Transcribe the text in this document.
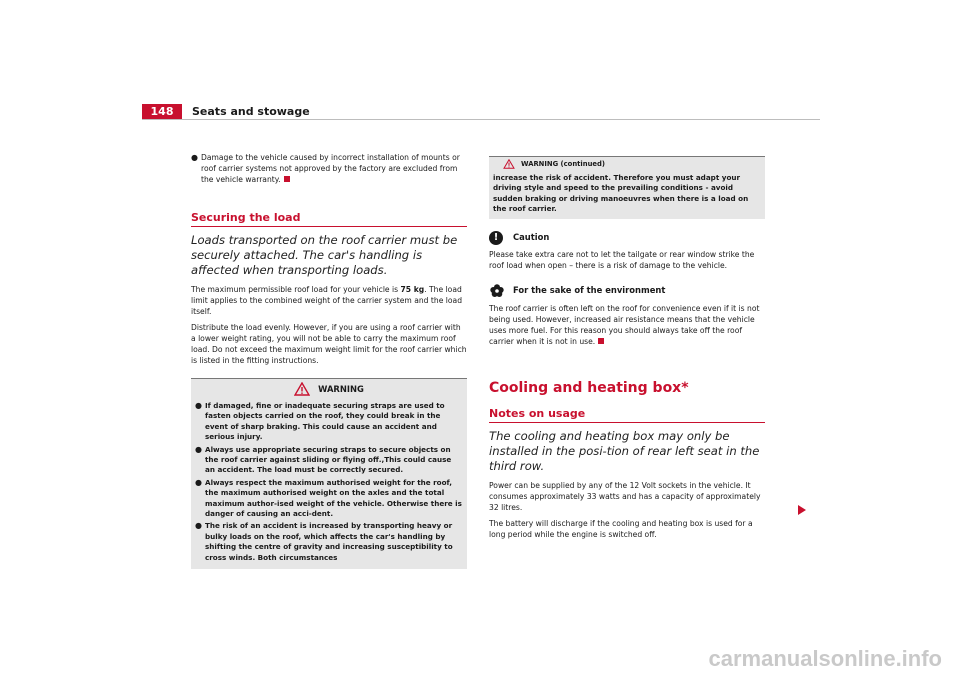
148	Seats and stowage
● Damage to the vehicle caused by incorrect installation of mounts or roof carrier systems not approved by the factory are excluded from the vehicle warranty.
Securing the load
Loads transported on the roof carrier must be securely attached. The car's handling is affected when transporting loads.

The maximum permissible roof load for your vehicle is 75 kg. The load limit applies to the combined weight of the carrier system and the load itself.

Distribute the load evenly. However, if you are using a roof carrier with a lower weight rating, you will not be able to carry the maximum roof load. Do not exceed the maximum weight limit for the roof carrier which is listed in the fitting instructions.

WARNING
● If damaged, fine or inadequate securing straps are used to fasten objects carried on the roof, they could break in the event of sharp braking. This could cause an accident and serious injury.
● Always use appropriate securing straps to secure objects on the roof carrier against sliding or flying off.,This could cause an accident. The load must be correctly secured.
● Always respect the maximum authorised weight for the roof, the maximum authorised weight on the axles and the total maximum author-ised weight of the vehicle. Otherwise there is danger of causing an acci-dent.
● The risk of an accident is increased by transporting heavy or bulky loads on the roof, which affects the car's handling by shifting the centre of gravity and increasing susceptibility to cross winds. Both circumstances
WARNING (continued)
increase the risk of accident. Therefore you must adapt your driving style and speed to the prevailing conditions - avoid sudden braking or driving manoeuvres when there is a load on the roof carrier.
!	Caution

Please take extra care not to let the tailgate or rear window strike the roof load when open – there is a risk of damage to the vehicle.

For the sake of the environment

The roof carrier is often left on the roof for convenience even if it is not being used. However, increased air resistance means that the vehicle uses more fuel. For this reason you should always take off the roof carrier when it is not in use.

Cooling and heating box*
Notes on usage
The cooling and heating box may only be installed in the posi-tion of rear left seat in the third row.

Power can be supplied by any of the 12 Volt sockets in the vehicle. It consumes approximately 33 watts and has a capacity of approximately 32 litres.

The battery will discharge if the cooling and heating box is used for a long period while the engine is switched off.

carmanualsonline.info
